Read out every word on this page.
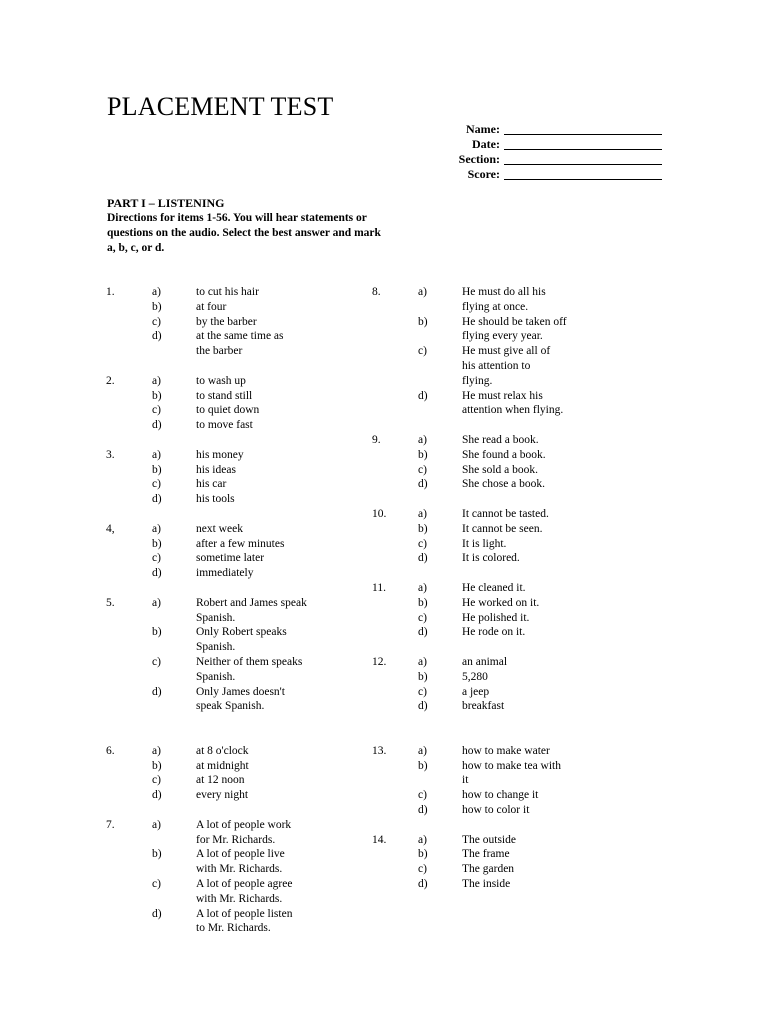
PLACEMENT TEST
Name:
Date:
Section:
Score:
PART I – LISTENING
Directions for items 1-56. You will hear statements or
questions on the audio. Select the best answer and mark
a, b, c, or d.
1.	a)	to cut his hair
b)	at four
c)	by the barber
d)	at the same time as
the barber
2.	a)	to wash up
b)	to stand still
c)	to quiet down
d)	to move fast
3.	a)	his money
b)	his ideas
c)	his car
d)	his tools
4,	a)	next week
b)	after a few minutes
c)	sometime later
d)	immediately
5.	a)	Robert and James speak
Spanish.
b)	Only Robert speaks
Spanish.
c)	Neither of them speaks
Spanish.
d)	Only James doesn't
speak Spanish.
6.	a)	at 8 o'clock
b)	at midnight
c)	at 12 noon
d)	every night
7.	a)	A lot of people work
for Mr. Richards.
b)	A lot of people live
with Mr. Richards.
c)	A lot of people agree
with Mr. Richards.
d)	A lot of people listen
to Mr. Richards.
8.	a)	He must do all his
flying at once.
b)	He should be taken off
flying every year.
c)	He must give all of
his attention to
flying.
d)	He must relax his
attention when flying.
9.	a)	She read a book.
b)	She found a book.
c)	She sold a book.
d)	She chose a book.
10.	a)	It cannot be tasted.
b)	It cannot be seen.
c)	It is light.
d)	It is colored.
11.	a)	He cleaned it.
b)	He worked on it.
c)	He polished it.
d)	He rode on it.
12.	a)	an animal
b)	5,280
c)	a jeep
d)	breakfast
13.	a)	how to make water
b)	how to make tea with
it
c)	how to change it
d)	how to color it
14.	a)	The outside
b)	The frame
c)	The garden
d)	The inside
